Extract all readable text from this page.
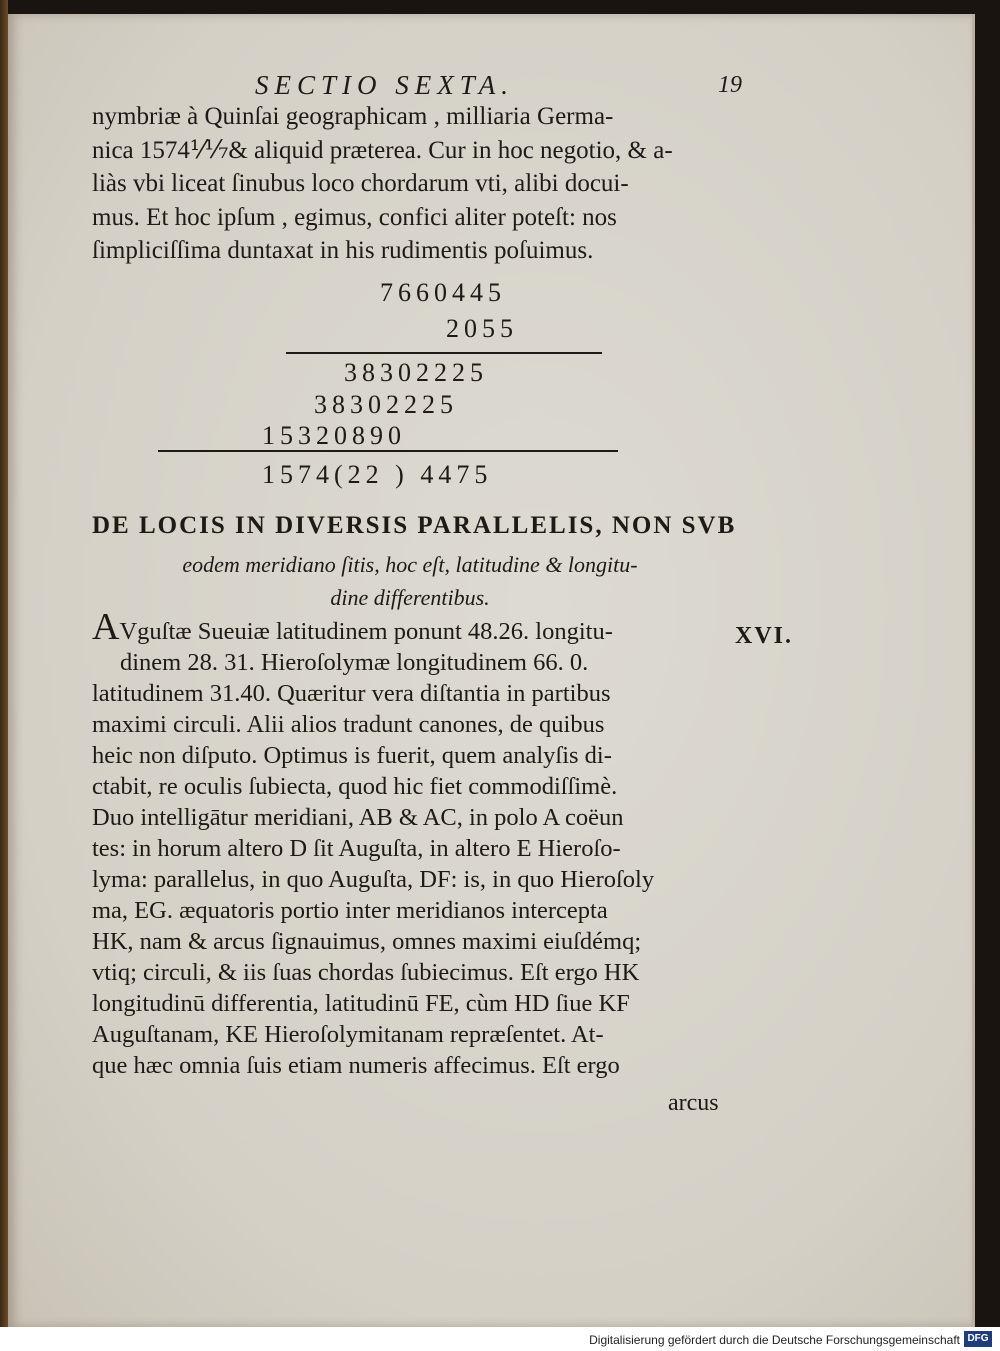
SECTIO SEXTA.	19
nymbriæ à Quinſai geographicam , milliaria Germa-
nica 1574⅟⅐& aliquid præterea. Cur in hoc negotio, & a-
liàs vbi liceat ſinubus loco chordarum vti, alibi docui-
mus. Et hoc ipſum , egimus, confici aliter poteſt: nos
ſimpliciſſima duntaxat in his rudimentis poſuimus.
7660445
2055
38302225
38302225
15320890
1574(22 ) 4475
DE LOCIS IN DIVERSIS PARALLELIS, NON SVB
eodem meridiano ſitis, hoc eſt, latitudine & longitu-
dine differentibus.
XVI.
AVguſtæ Sueuiæ latitudinem ponunt 48.26. longitu-
dinem 28. 31. Hieroſolymæ longitudinem 66. 0.
latitudinem 31.40. Quæritur vera diſtantia in partibus
maximi circuli. Alii alios tradunt canones, de quibus
heic non diſputo. Optimus is fuerit, quem analyſis di-
ctabit, re oculis ſubiecta, quod hic fiet commodiſſimè.
Duo intelligātur meridiani, AB & AC, in polo A coëun
tes: in horum altero D ſit Auguſta, in altero E Hieroſo-
lyma: parallelus, in quo Auguſta, DF: is, in quo Hieroſoly
ma, EG. æquatoris portio inter meridianos intercepta
HK, nam & arcus ſignauimus, omnes maximi eiuſdémq;
vtiq; circuli, & iis ſuas chordas ſubiecimus. Eſt ergo HK
longitudinū differentia, latitudinū FE, cùm HD ſiue KF
Auguſtanam, KE Hieroſolymitanam repræſentet. At-
que hæc omnia ſuis etiam numeris affecimus. Eſt ergo
arcus
Digitalisierung gefördert durch die Deutsche Forschungsgemeinschaft DFG
